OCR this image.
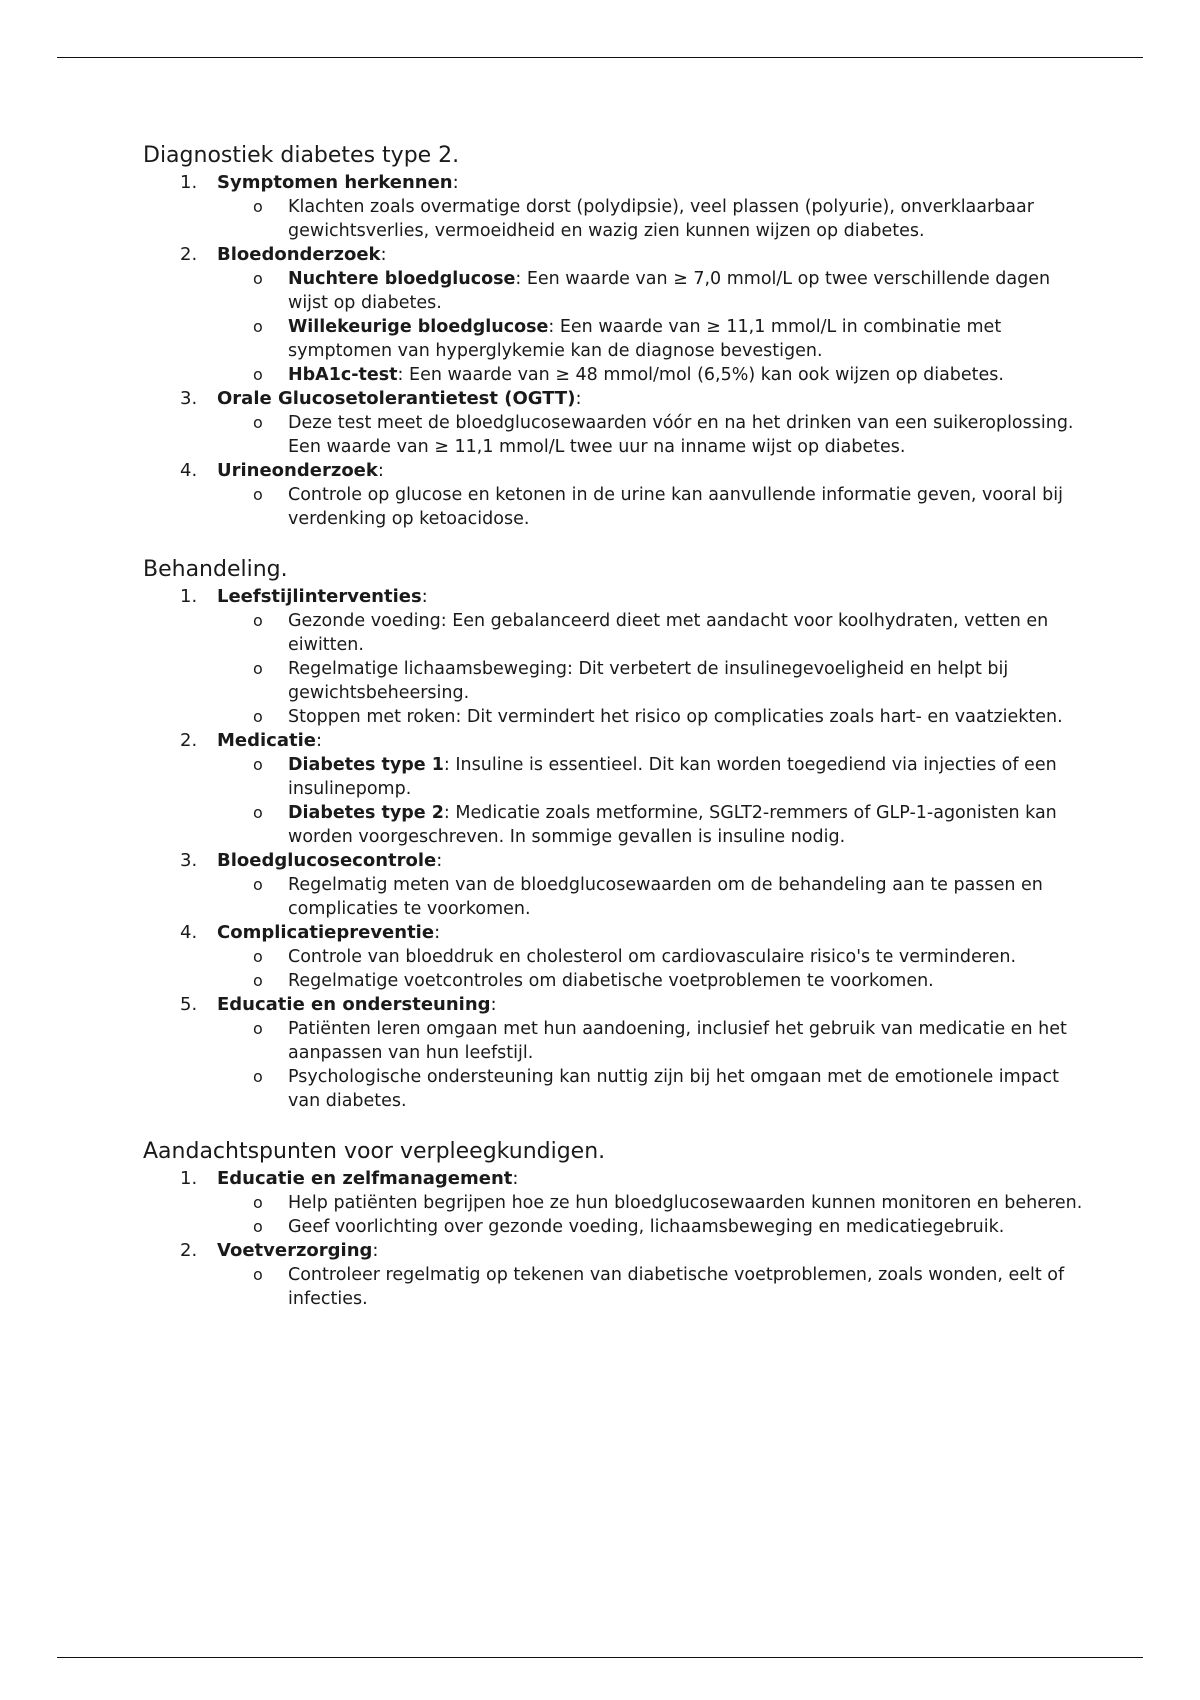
Diagnostiek diabetes type 2.
1. Symptomen herkennen:
o Klachten zoals overmatige dorst (polydipsie), veel plassen (polyurie), onverklaarbaar gewichtsverlies, vermoeidheid en wazig zien kunnen wijzen op diabetes.
2. Bloedonderzoek:
o Nuchtere bloedglucose: Een waarde van ≥ 7,0 mmol/L op twee verschillende dagen wijst op diabetes.
o Willekeurige bloedglucose: Een waarde van ≥ 11,1 mmol/L in combinatie met symptomen van hyperglykemie kan de diagnose bevestigen.
o HbA1c-test: Een waarde van ≥ 48 mmol/mol (6,5%) kan ook wijzen op diabetes.
3. Orale Glucosetolerantietest (OGTT):
o Deze test meet de bloedglucosewaarden vóór en na het drinken van een suikeroplossing. Een waarde van ≥ 11,1 mmol/L twee uur na inname wijst op diabetes.
4. Urineonderzoek:
o Controle op glucose en ketonen in de urine kan aanvullende informatie geven, vooral bij verdenking op ketoacidose.
Behandeling.
1. Leefstijlinterventies:
o Gezonde voeding: Een gebalanceerd dieet met aandacht voor koolhydraten, vetten en eiwitten.
o Regelmatige lichaamsbeweging: Dit verbetert de insulinegevoeligheid en helpt bij gewichtsbeheersing.
o Stoppen met roken: Dit vermindert het risico op complicaties zoals hart- en vaatziekten.
2. Medicatie:
o Diabetes type 1: Insuline is essentieel. Dit kan worden toegediend via injecties of een insulinepomp.
o Diabetes type 2: Medicatie zoals metformine, SGLT2-remmers of GLP-1-agonisten kan worden voorgeschreven. In sommige gevallen is insuline nodig.
3. Bloedglucosecontrole:
o Regelmatig meten van de bloedglucosewaarden om de behandeling aan te passen en complicaties te voorkomen.
4. Complicatiepreventie:
o Controle van bloeddruk en cholesterol om cardiovasculaire risico's te verminderen.
o Regelmatige voetcontroles om diabetische voetproblemen te voorkomen.
5. Educatie en ondersteuning:
o Patiënten leren omgaan met hun aandoening, inclusief het gebruik van medicatie en het aanpassen van hun leefstijl.
o Psychologische ondersteuning kan nuttig zijn bij het omgaan met de emotionele impact van diabetes.
Aandachtspunten voor verpleegkundigen.
1. Educatie en zelfmanagement:
o Help patiënten begrijpen hoe ze hun bloedglucosewaarden kunnen monitoren en beheren.
o Geef voorlichting over gezonde voeding, lichaamsbeweging en medicatiegebruik.
2. Voetverzorging:
o Controleer regelmatig op tekenen van diabetische voetproblemen, zoals wonden, eelt of infecties.
